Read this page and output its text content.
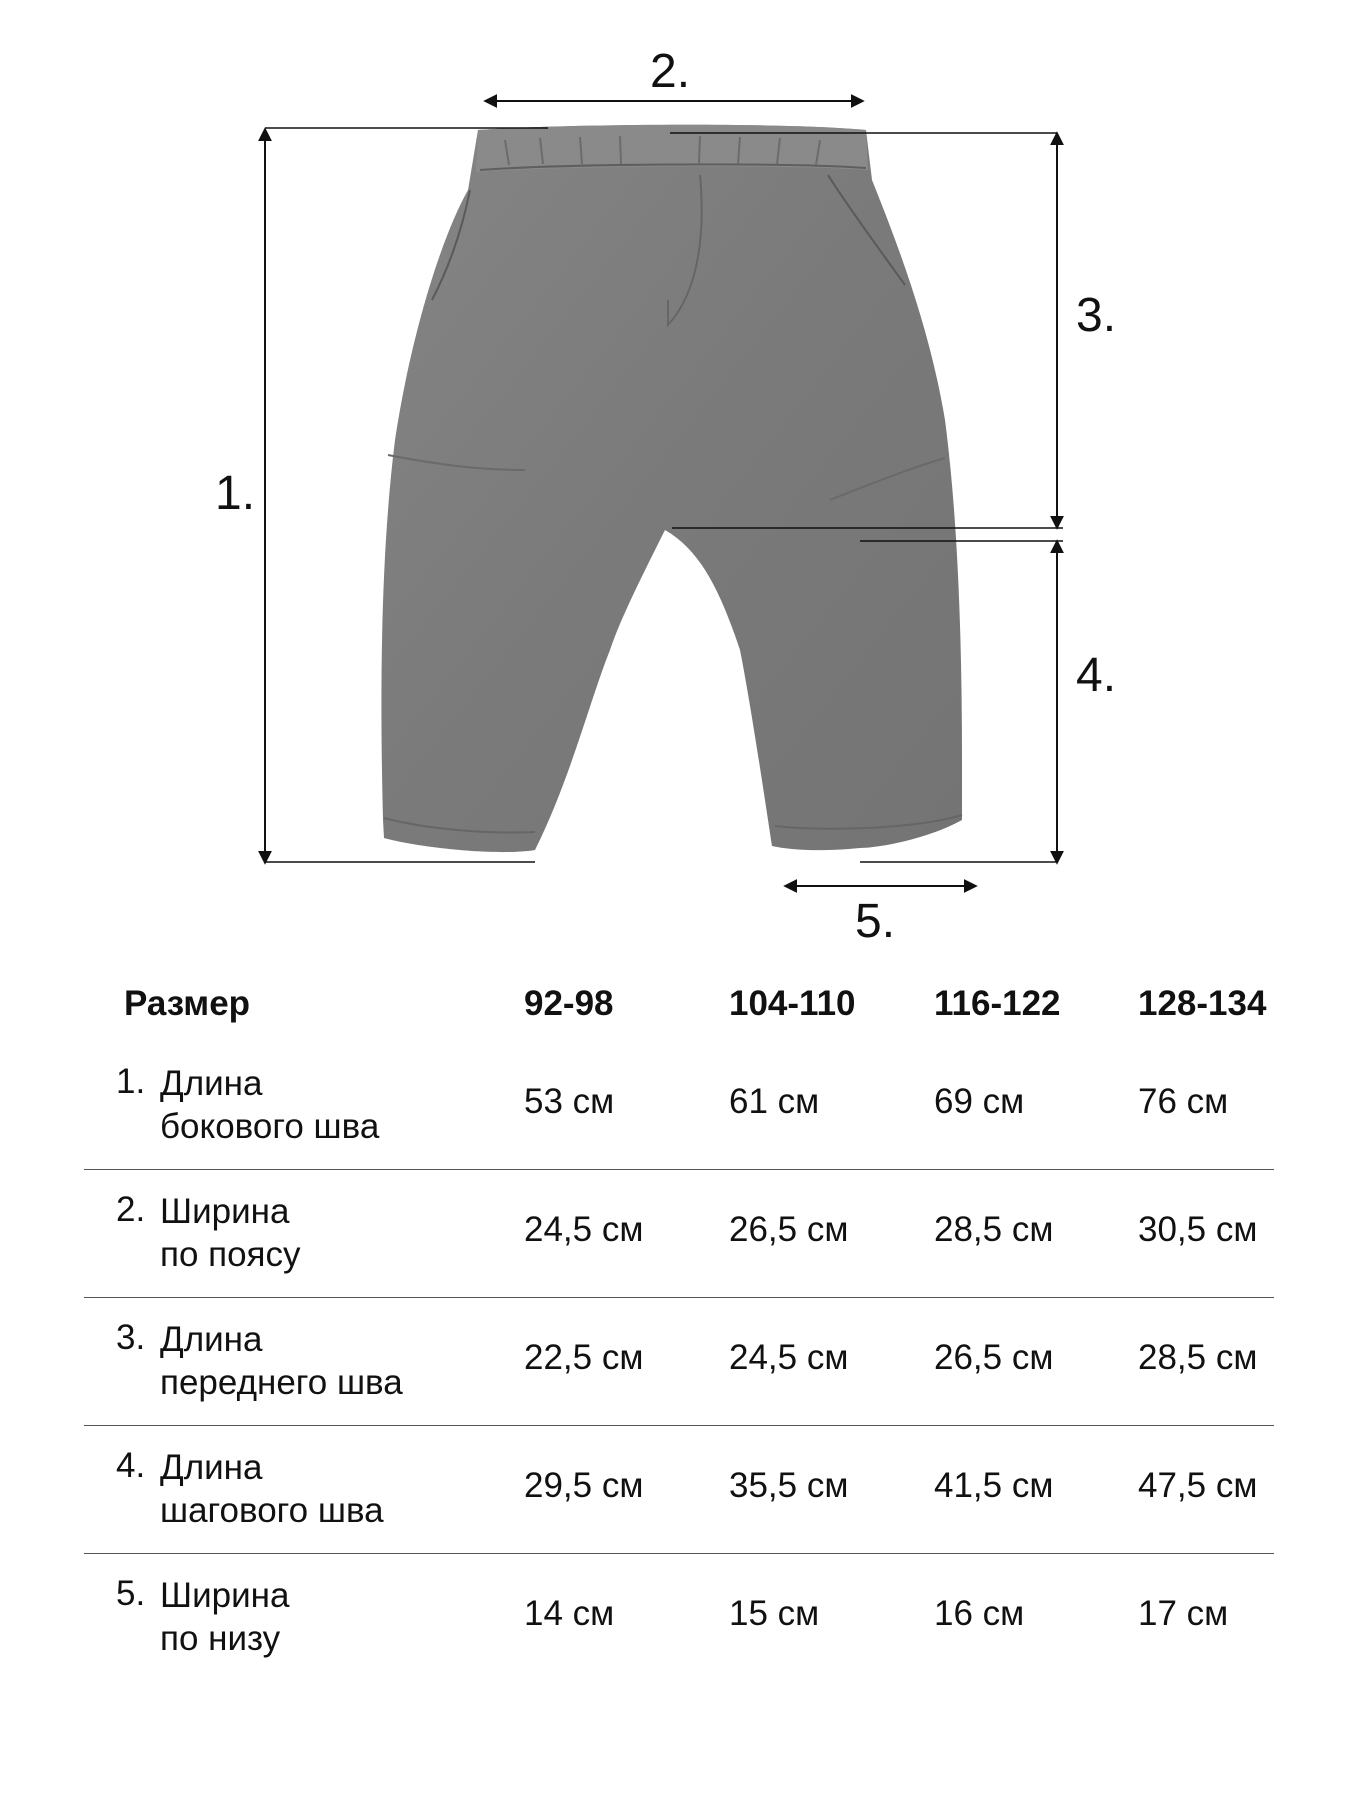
2.
1.
3.
4.
5.
Размер	92-98	104-110 116-122 128-134
1. Длина
бокового шва
53 см	61 см	69 см	76 см
2. Ширина
по поясу
24,5 см 26,5 см 28,5 см 30,5 см
3. Длина
переднего шва
22,5 см 24,5 см 26,5 см 28,5 см
4. Длина
шагового шва
29,5 см 35,5 см 41,5 см 47,5 см
5. Ширина
по низу
14 см	15 см	16 см	17 см
